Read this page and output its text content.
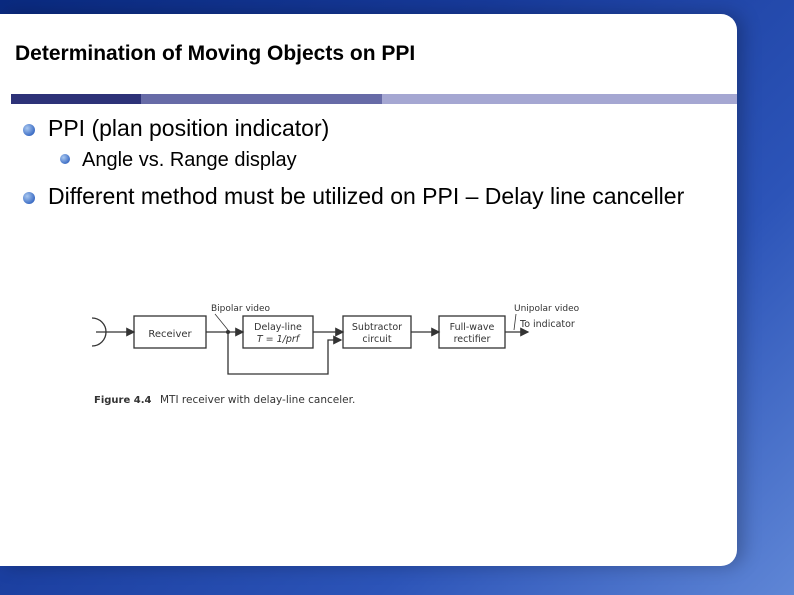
Determination of Moving Objects on PPI
PPI (plan position indicator)
Angle vs. Range display
Different method must be utilized on PPI – Delay line canceller
Receiver
Bipolar video
Delay-line
T = 1/prf
Subtractor
circuit
Full-wave
rectifier
Unipolar video
To indicator
Figure 4.4 MTI receiver with delay-line canceler.
